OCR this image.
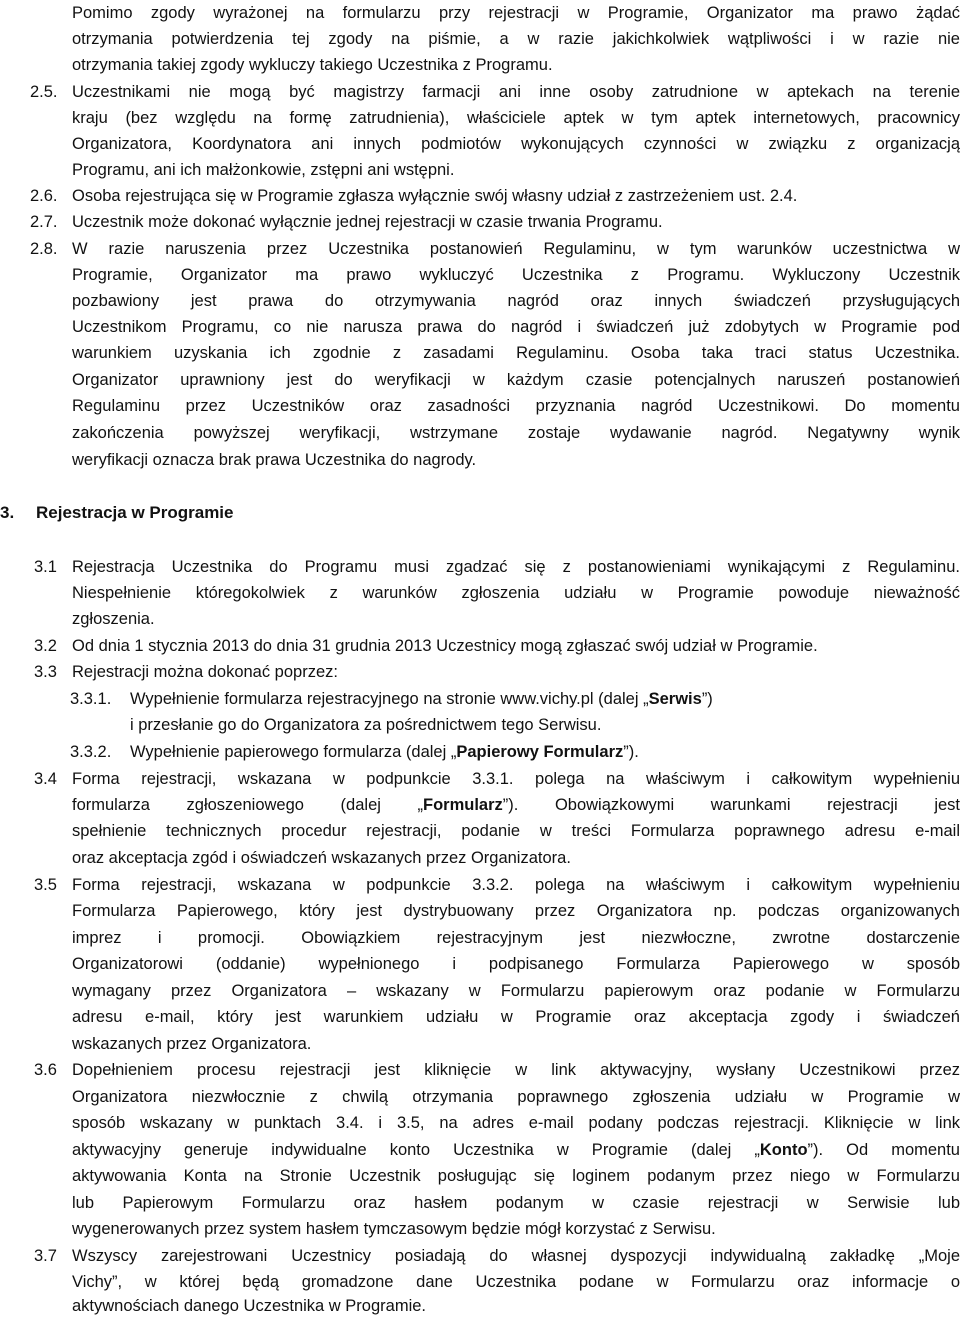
Pomimo zgody wyrażonej na formularzu przy rejestracji w Programie, Organizator ma prawo żądać
otrzymania potwierdzenia tej zgody na piśmie, a w razie jakichkolwiek wątpliwości i w razie nie
otrzymania takiej zgody wykluczy takiego Uczestnika z Programu.
2.5. Uczestnikami nie mogą być magistrzy farmacji ani inne osoby zatrudnione w aptekach na terenie
kraju (bez względu na formę zatrudnienia), właściciele aptek w tym aptek internetowych, pracownicy
Organizatora, Koordynatora ani innych podmiotów wykonujących czynności w związku z organizacją
Programu, ani ich małżonkowie, zstępni ani wstępni.
2.6. Osoba rejestrująca się w Programie zgłasza wyłącznie swój własny udział z zastrzeżeniem ust. 2.4.
2.7. Uczestnik może dokonać wyłącznie jednej rejestracji w czasie trwania Programu.
2.8. W razie naruszenia przez Uczestnika postanowień Regulaminu, w tym warunków uczestnictwa w
Programie, Organizator ma prawo wykluczyć Uczestnika z Programu. Wykluczony Uczestnik
pozbawiony jest prawa do otrzymywania nagród oraz innych świadczeń przysługujących
Uczestnikom Programu, co nie narusza prawa do nagród i świadczeń już zdobytych w Programie pod
warunkiem uzyskania ich zgodnie z zasadami Regulaminu. Osoba taka traci status Uczestnika.
Organizator uprawniony jest do weryfikacji w każdym czasie potencjalnych naruszeń postanowień
Regulaminu przez Uczestników oraz zasadności przyznania nagród Uczestnikowi. Do momentu
zakończenia powyższej weryfikacji, wstrzymane zostaje wydawanie nagród. Negatywny wynik
weryfikacji oznacza brak prawa Uczestnika do nagrody.
3. Rejestracja w Programie
3.1 Rejestracja Uczestnika do Programu musi zgadzać się z postanowieniami wynikającymi z Regulaminu.
Niespełnienie któregokolwiek z warunków zgłoszenia udziału w Programie powoduje nieważność
zgłoszenia.
3.2 Od dnia 1 stycznia 2013 do dnia 31 grudnia 2013 Uczestnicy mogą zgłaszać swój udział w Programie.
3.3 Rejestracji można dokonać poprzez:
3.3.1. Wypełnienie formularza rejestracyjnego na stronie www.vichy.pl (dalej „Serwis”)
i przesłanie go do Organizatora za pośrednictwem tego Serwisu.
3.3.2. Wypełnienie papierowego formularza (dalej „Papierowy Formularz”).
3.4 Forma rejestracji, wskazana w podpunkcie 3.3.1. polega na właściwym i całkowitym wypełnieniu
formularza zgłoszeniowego (dalej „Formularz”). Obowiązkowymi warunkami rejestracji jest
spełnienie technicznych procedur rejestracji, podanie w treści Formularza poprawnego adresu e-mail
oraz akceptacja zgód i oświadczeń wskazanych przez Organizatora.
3.5 Forma rejestracji, wskazana w podpunkcie 3.3.2. polega na właściwym i całkowitym wypełnieniu
Formularza Papierowego, który jest dystrybuowany przez Organizatora np. podczas organizowanych
imprez i promocji. Obowiązkiem rejestracyjnym jest niezwłoczne, zwrotne dostarczenie
Organizatorowi (oddanie) wypełnionego i podpisanego Formularza Papierowego w sposób
wymagany przez Organizatora – wskazany w Formularzu papierowym oraz podanie w Formularzu
adresu e-mail, który jest warunkiem udziału w Programie oraz akceptacja zgody i świadczeń
wskazanych przez Organizatora.
3.6 Dopełnieniem procesu rejestracji jest kliknięcie w link aktywacyjny, wysłany Uczestnikowi przez
Organizatora niezwłocznie z chwilą otrzymania poprawnego zgłoszenia udziału w Programie w
sposób wskazany w punktach 3.4. i 3.5, na adres e-mail podany podczas rejestracji. Kliknięcie w link
aktywacyjny generuje indywidualne konto Uczestnika w Programie (dalej „Konto”). Od momentu
aktywowania Konta na Stronie Uczestnik posługując się loginem podanym przez niego w Formularzu
lub Papierowym Formularzu oraz hasłem podanym w czasie rejestracji w Serwisie lub
wygenerowanych przez system hasłem tymczasowym będzie mógł korzystać z Serwisu.
3.7 Wszyscy zarejestrowani Uczestnicy posiadają do własnej dyspozycji indywidualną zakładkę „Moje
Vichy”, w której będą gromadzone dane Uczestnika podane w Formularzu oraz informacje o
aktywnościach danego Uczestnika w Programie.
